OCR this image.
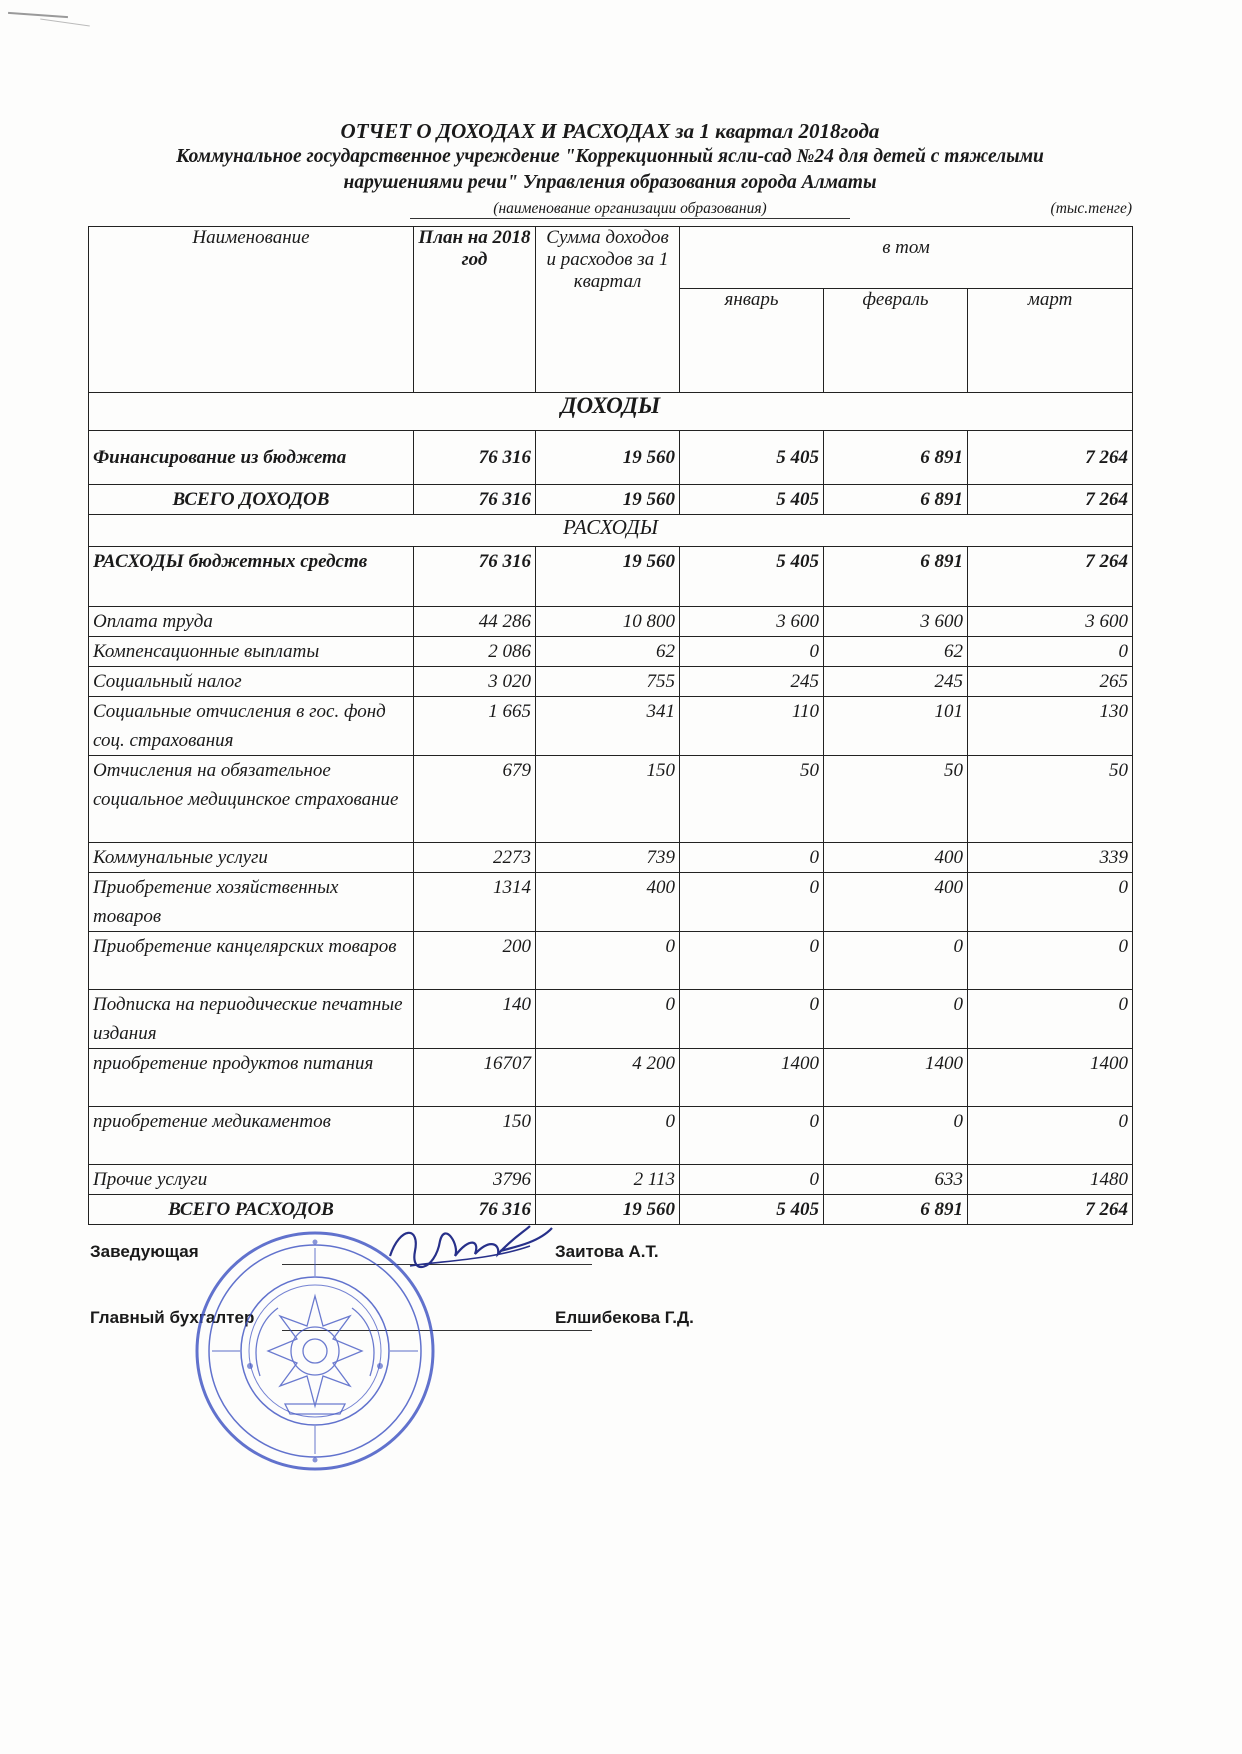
ОТЧЕТ О ДОХОДАХ И РАСХОДАХ за 1 квартал 2018года
Коммунальное государственное учреждение "Коррекционный ясли-сад №24 для детей с тяжелыми
нарушениями речи" Управления образования города Алматы
(наименование организации образования)	(тыс.тенге)
Наименование	План на 2018 год	Сумма доходов и расходов за 1 квартал	в том		
			январь	февраль	март
ДОХОДЫ					
Финансирование из бюджета	76 316	19 560	5 405	6 891	7 264
ВСЕГО ДОХОДОВ	76 316	19 560	5 405	6 891	7 264
РАСХОДЫ					
РАСХОДЫ бюджетных средств	76 316	19 560	5 405	6 891	7 264
Оплата труда	44 286	10 800	3 600	3 600	3 600
Компенсационные выплаты	2 086	62	0	62	0
Социальный налог	3 020	755	245	245	265
Социальные отчисления в гос. фонд соц. страхования	1 665	341	110	101	130
Отчисления на обязательное социальное медицинское страхование	679	150	50	50	50
Коммунальные услуги	2273	739	0	400	339
Приобретение хозяйственных товаров	1314	400	0	400	0
Приобретение канцелярских товаров	200	0	0	0	0
Подписка на периодические печатные издания	140	0	0	0	0
приобретение продуктов питания	16707	4 200	1400	1400	1400
приобретение медикаментов	150	0	0	0	0
Прочие услуги	3796	2 113	0	633	1480
ВСЕГО РАСХОДОВ	76 316	19 560	5 405	6 891	7 264
Заведующая	Заитова А.Т.
Главный бухгалтер	Елшибекова Г.Д.
